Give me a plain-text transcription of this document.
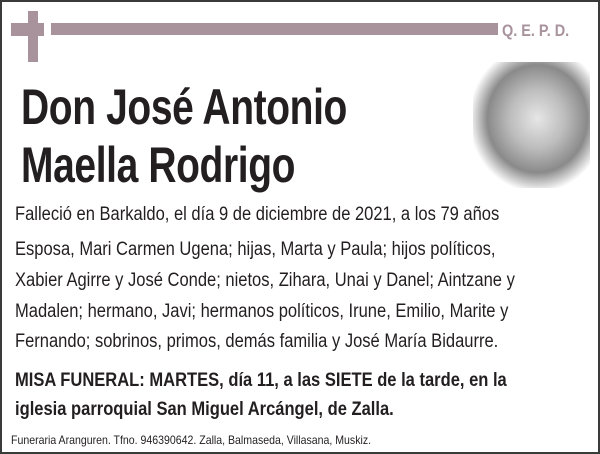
Q. E. P. D.
Don José Antonio
Maella Rodrigo
Falleció en Barkaldo, el día 9 de diciembre de 2021, a los 79 años
Esposa, Mari Carmen Ugena; hijas, Marta y Paula; hijos políticos,
Xabier Agirre y José Conde; nietos, Zihara, Unai y Danel; Aintzane y
Madalen; hermano, Javi; hermanos políticos, Irune, Emilio, Marite y
Fernando; sobrinos, primos, demás familia y José María Bidaurre.
MISA FUNERAL: MARTES, día 11, a las SIETE de la tarde, en la
iglesia parroquial San Miguel Arcángel, de Zalla.
Funeraria Aranguren. Tfno. 946390642. Zalla, Balmaseda, Villasana, Muskiz.
